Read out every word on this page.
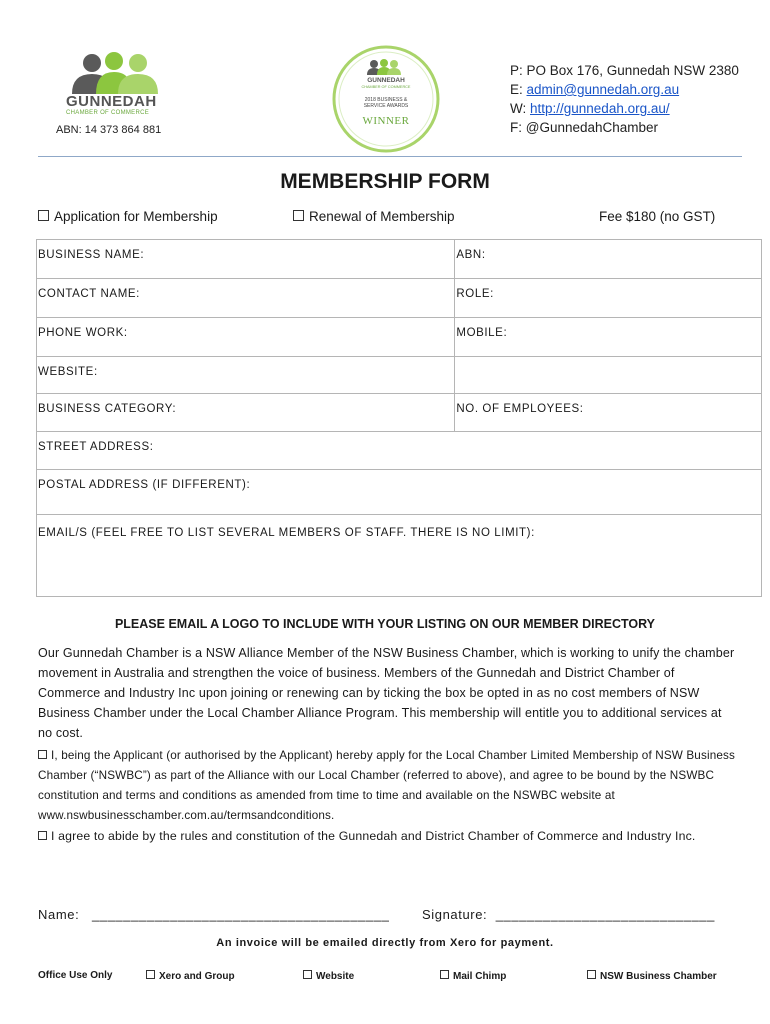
GUNNEDAH
CHAMBER OF COMMERCE
ABN: 14 373 864 881
GUNNEDAH
CHAMBER OF COMMERCE
2018 BUSINESS &
SERVICE AWARDS
WINNER
P: PO Box 176, Gunnedah NSW 2380
E: admin@gunnedah.org.au
W: http://gunnedah.org.au/
F: @GunnedahChamber
MEMBERSHIP FORM
Application for Membership	Renewal of Membership	Fee $180 (no GST)
BUSINESS NAME:	ABN:
CONTACT NAME:	ROLE:
PHONE WORK:	MOBILE:
WEBSITE:	
BUSINESS CATEGORY:	NO. OF EMPLOYEES:
STREET ADDRESS:	
POSTAL ADDRESS (IF DIFFERENT):	
EMAIL/S (FEEL FREE TO LIST SEVERAL MEMBERS OF STAFF. THERE IS NO LIMIT):	
PLEASE EMAIL A LOGO TO INCLUDE WITH YOUR LISTING ON OUR MEMBER DIRECTORY
Our Gunnedah Chamber is a NSW Alliance Member of the NSW Business Chamber, which is working to unify the chamber movement in Australia and strengthen the voice of business. Members of the Gunnedah and District Chamber of Commerce and Industry Inc upon joining or renewing can by ticking the box be opted in as no cost members of NSW Business Chamber under the Local Chamber Alliance Program. This membership will entitle you to additional services at no cost.
I, being the Applicant (or authorised by the Applicant) hereby apply for the Local Chamber Limited Membership of NSW Business Chamber (“NSWBC”) as part of the Alliance with our Local Chamber (referred to above), and agree to be bound by the NSWBC constitution and terms and conditions as amended from time to time and available on the NSWBC website at www.nswbusinesschamber.com.au/termsandconditions.
I agree to abide by the rules and constitution of the Gunnedah and District Chamber of Commerce and Industry Inc.
Name: ______________________________________	Signature: ____________________________
An invoice will be emailed directly from Xero for payment.
Office Use Only	Xero and Group	Website	Mail Chimp	NSW Business Chamber
